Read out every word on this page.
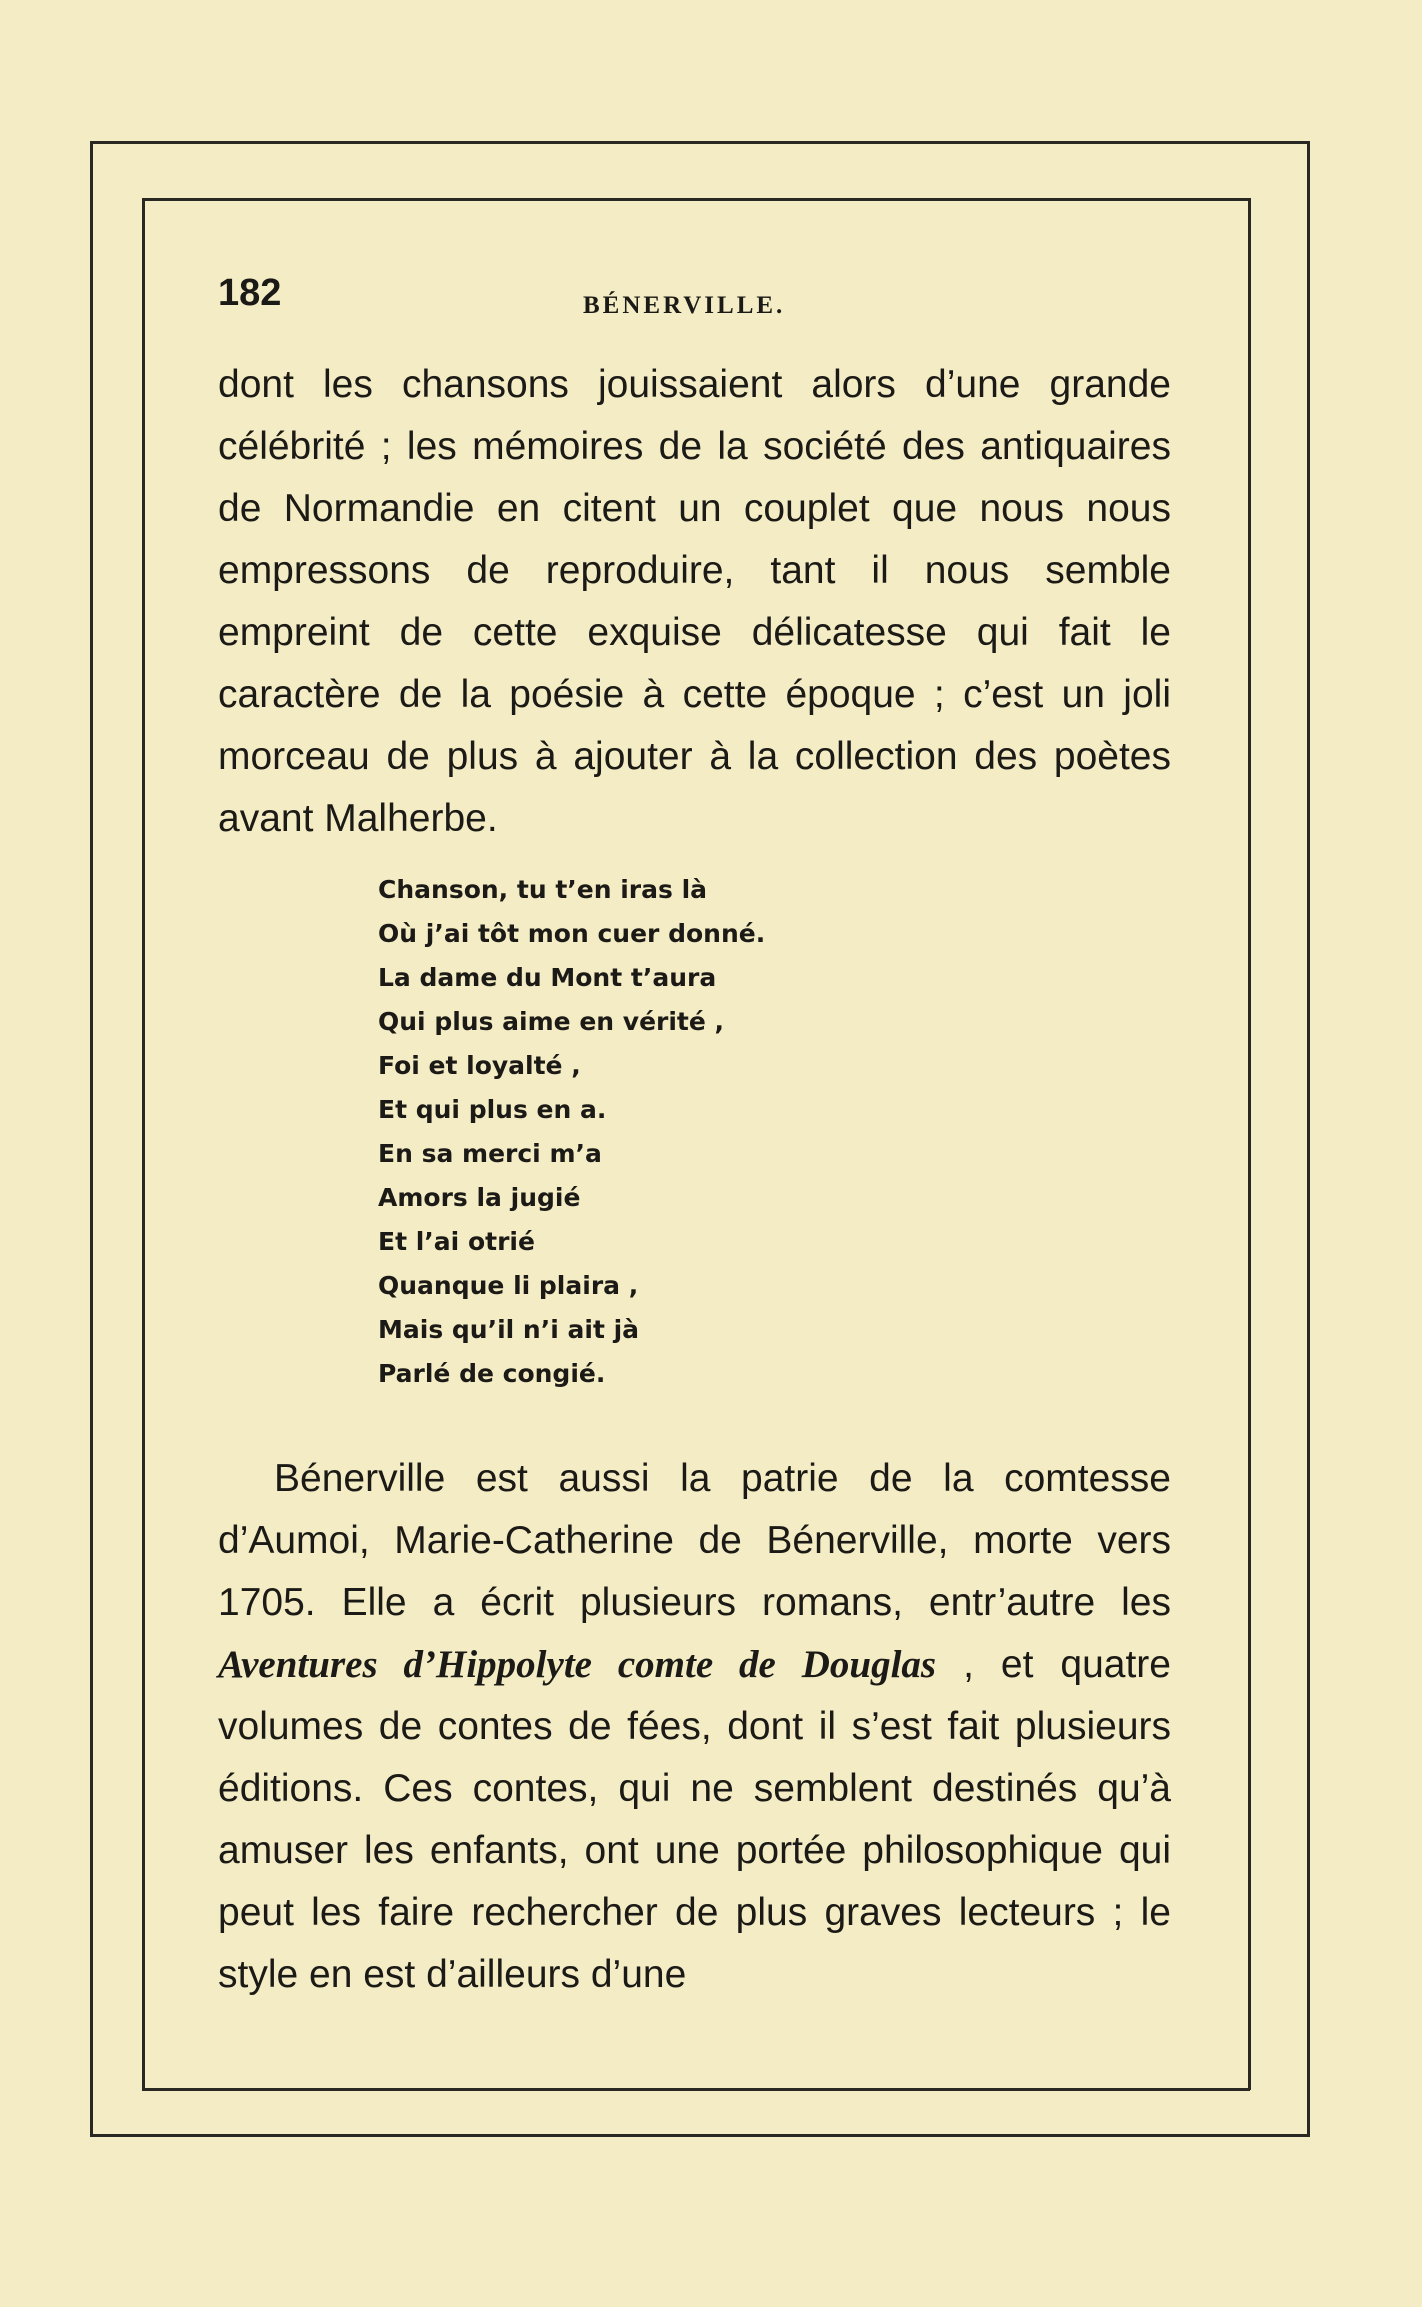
182	BÉNERVILLE.
dont les chansons jouissaient alors d’une grande célébrité ; les mémoires de la société des antiquaires de Normandie en citent un couplet que nous nous empressons de reproduire, tant il nous semble empreint de cette exquise délicatesse qui fait le caractère de la poésie à cette époque ; c’est un joli morceau de plus à ajouter à la collection des poètes avant Malherbe.
Chanson, tu t’en iras là
Où j’ai tôt mon cuer donné.
La dame du Mont t’aura
Qui plus aime en vérité ,
Foi et loyalté ,
Et qui plus en a.
En sa merci m’a
Amors la jugié
Et l’ai otrié
Quanque li plaira ,
Mais qu’il n’i ait jà
Parlé de congié.
Bénerville est aussi la patrie de la comtesse d’Aumoi, Marie-Catherine de Bénerville, morte vers 1705. Elle a écrit plusieurs romans, entr’autre les Aventures d’Hippolyte comte de Douglas , et quatre volumes de contes de fées, dont il s’est fait plusieurs éditions. Ces contes, qui ne semblent destinés qu’à amuser les enfants, ont une portée philosophique qui peut les faire rechercher de plus graves lecteurs ; le style en est d’ailleurs d’une
